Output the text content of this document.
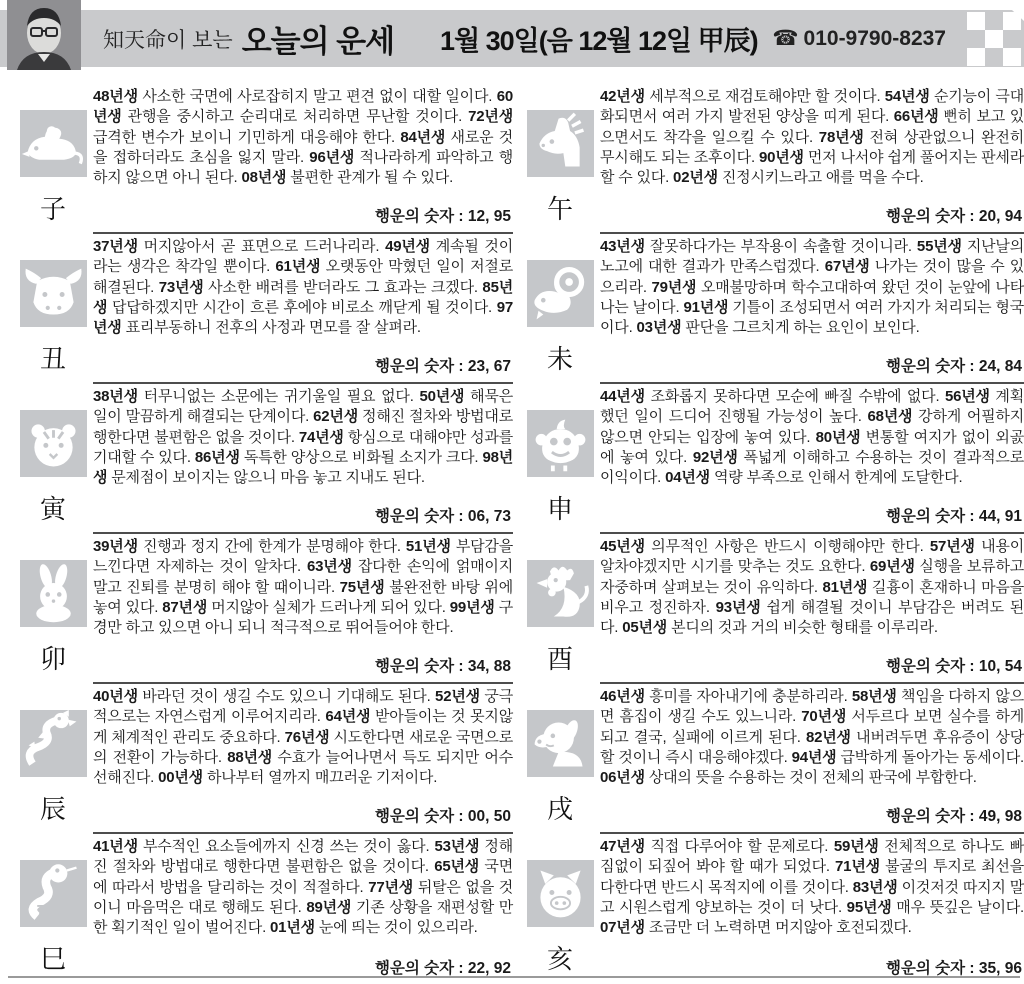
知天命이 보는 오늘의 운세 1월 30일(음 12월 12일 甲辰) ☎ 010-9790-8237
子

48년생 사소한 국면에 사로잡히지 말고 편견 없이 대할 일이다. 60년생 관행을 중시하고 순리대로 처리하면 무난할 것이다. 72년생 급격한 변수가 보이니 기민하게 대응해야 한다. 84년생 새로운 것을 접하더라도 초심을 잃지 말라. 96년생 적나라하게 파악하고 행하지 않으면 아니 된다. 08년생 불편한 관계가 될 수 있다.

행운의 숫자 : 12, 95
丑

37년생 머지않아서 곧 표면으로 드러나리라. 49년생 계속될 것이라는 생각은 착각일 뿐이다. 61년생 오랫동안 막혔던 일이 저절로 해결된다. 73년생 사소한 배려를 받더라도 그 효과는 크겠다. 85년생 답답하겠지만 시간이 흐른 후에야 비로소 깨닫게 될 것이다. 97년생 표리부동하니 전후의 사정과 면모를 잘 살펴라.

행운의 숫자 : 23, 67
寅

38년생 터무니없는 소문에는 귀기울일 필요 없다. 50년생 해묵은 일이 말끔하게 해결되는 단계이다. 62년생 정해진 절차와 방법대로 행한다면 불편함은 없을 것이다. 74년생 항심으로 대해야만 성과를 기대할 수 있다. 86년생 독특한 양상으로 비화될 소지가 크다. 98년생 문제점이 보이지는 않으니 마음 놓고 지내도 된다.

행운의 숫자 : 06, 73
卯

39년생 진행과 정지 간에 한계가 분명해야 한다. 51년생 부담감을 느낀다면 자제하는 것이 알차다. 63년생 잡다한 손익에 얽매이지 말고 진퇴를 분명히 해야 할 때이니라. 75년생 불완전한 바탕 위에 놓여 있다. 87년생 머지않아 실체가 드러나게 되어 있다. 99년생 구경만 하고 있으면 아니 되니 적극적으로 뛰어들어야 한다.

행운의 숫자 : 34, 88
辰

40년생 바라던 것이 생길 수도 있으니 기대해도 된다. 52년생 궁극적으로는 자연스럽게 이루어지리라. 64년생 받아들이는 것 못지않게 체계적인 관리도 중요하다. 76년생 시도한다면 새로운 국면으로의 전환이 가능하다. 88년생 수효가 늘어나면서 득도 되지만 어수선해진다. 00년생 하나부터 열까지 매끄러운 기저이다.

행운의 숫자 : 00, 50
巳

41년생 부수적인 요소들에까지 신경 쓰는 것이 옳다. 53년생 정해진 절차와 방법대로 행한다면 불편함은 없을 것이다. 65년생 국면에 따라서 방법을 달리하는 것이 적절하다. 77년생 뒤탈은 없을 것이니 마음먹은 대로 행해도 된다. 89년생 기존 상황을 재편성할 만한 획기적인 일이 벌어진다. 01년생 눈에 띄는 것이 있으리라.

행운의 숫자 : 22, 92
午

42년생 세부적으로 재검토해야만 할 것이다. 54년생 순기능이 극대화되면서 여러 가지 발전된 양상을 띠게 된다. 66년생 뻔히 보고 있으면서도 착각을 일으킬 수 있다. 78년생 전혀 상관없으니 완전히 무시해도 되는 조후이다. 90년생 먼저 나서야 쉽게 풀어지는 판세라 할 수 있다. 02년생 진정시키느라고 애를 먹을 수다.

행운의 숫자 : 20, 94
未

43년생 잘못하다가는 부작용이 속출할 것이니라. 55년생 지난날의 노고에 대한 결과가 만족스럽겠다. 67년생 나가는 것이 많을 수 있으리라. 79년생 오매불망하며 학수고대하여 왔던 것이 눈앞에 나타나는 날이다. 91년생 기틀이 조성되면서 여러 가지가 처리되는 형국이다. 03년생 판단을 그르치게 하는 요인이 보인다.

행운의 숫자 : 24, 84
申

44년생 조화롭지 못하다면 모순에 빠질 수밖에 없다. 56년생 계획 했던 일이 드디어 진행될 가능성이 높다. 68년생 강하게 어필하지 않으면 안되는 입장에 놓여 있다. 80년생 변통할 여지가 없이 외곬에 놓여 있다. 92년생 폭넓게 이해하고 수용하는 것이 결과적으로 이익이다. 04년생 역량 부족으로 인해서 한계에 도달한다.

행운의 숫자 : 44, 91
酉

45년생 의무적인 사항은 반드시 이행해야만 한다. 57년생 내용이 알차야겠지만 시기를 맞추는 것도 요한다. 69년생 실행을 보류하고 자중하며 살펴보는 것이 유익하다. 81년생 길흉이 혼재하니 마음을 비우고 정진하자. 93년생 쉽게 해결될 것이니 부담감은 버려도 된다. 05년생 본디의 것과 거의 비슷한 형태를 이루리라.

행운의 숫자 : 10, 54
戌

46년생 흥미를 자아내기에 충분하리라. 58년생 책임을 다하지 않으면 흠집이 생길 수도 있느니라. 70년생 서두르다 보면 실수를 하게 되고 결국, 실패에 이르게 된다. 82년생 내버려두면 후유증이 상당할 것이니 즉시 대응해야겠다. 94년생 급박하게 돌아가는 동세이다. 06년생 상대의 뜻을 수용하는 것이 전체의 판국에 부합한다.

행운의 숫자 : 49, 98
亥

47년생 직접 다루어야 할 문제로다. 59년생 전체적으로 하나도 빠짐없이 되짚어 봐야 할 때가 되었다. 71년생 불굴의 투지로 최선을 다한다면 반드시 목적지에 이를 것이다. 83년생 이것저것 따지지 말고 시원스럽게 양보하는 것이 더 낫다. 95년생 매우 뜻깊은 날이다. 07년생 조금만 더 노력하면 머지않아 호전되겠다.

행운의 숫자 : 35, 96
